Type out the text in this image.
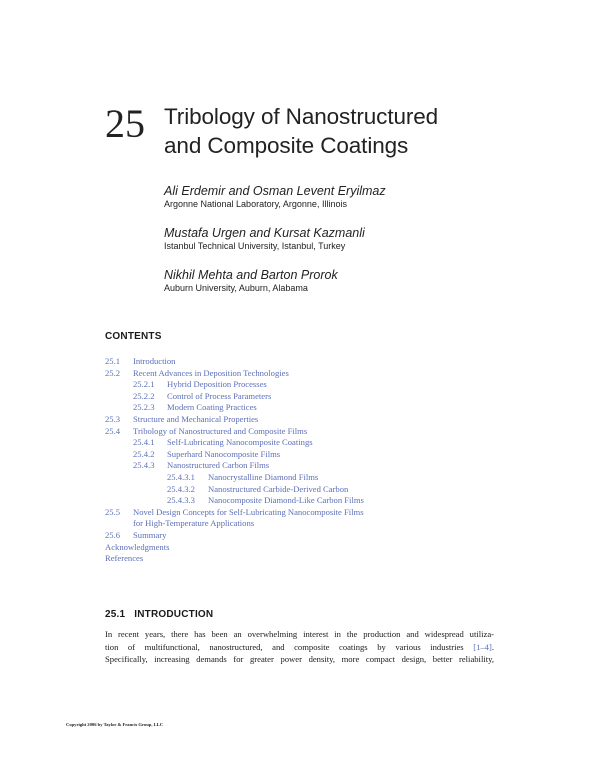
25 Tribology of Nanostructured
and Composite Coatings
Ali Erdemir and Osman Levent Eryilmaz
Argonne National Laboratory, Argonne, Illinois
Mustafa Urgen and Kursat Kazmanli
Istanbul Technical University, Istanbul, Turkey
Nikhil Mehta and Barton Prorok
Auburn University, Auburn, Alabama
CONTENTS
25.1 Introduction
25.2 Recent Advances in Deposition Technologies
25.2.1 Hybrid Deposition Processes
25.2.2 Control of Process Parameters
25.2.3 Modern Coating Practices
25.3 Structure and Mechanical Properties
25.4 Tribology of Nanostructured and Composite Films
25.4.1 Self-Lubricating Nanocomposite Coatings
25.4.2 Superhard Nanocomposite Films
25.4.3 Nanostructured Carbon Films
25.4.3.1 Nanocrystalline Diamond Films
25.4.3.2 Nanostructured Carbide-Derived Carbon
25.4.3.3 Nanocomposite Diamond-Like Carbon Films
25.5 Novel Design Concepts for Self-Lubricating Nanocomposite Films
for High-Temperature Applications
25.6 Summary
Acknowledgments
References
25.1 INTRODUCTION
In recent years, there has been an overwhelming interest in the production and widespread utiliza-
tion of multifunctional, nanostructured, and composite coatings by various industries [1–4].
Specifically, increasing demands for greater power density, more compact design, better reliability,
Copyright 2006 by Taylor & Francis Group, LLC
